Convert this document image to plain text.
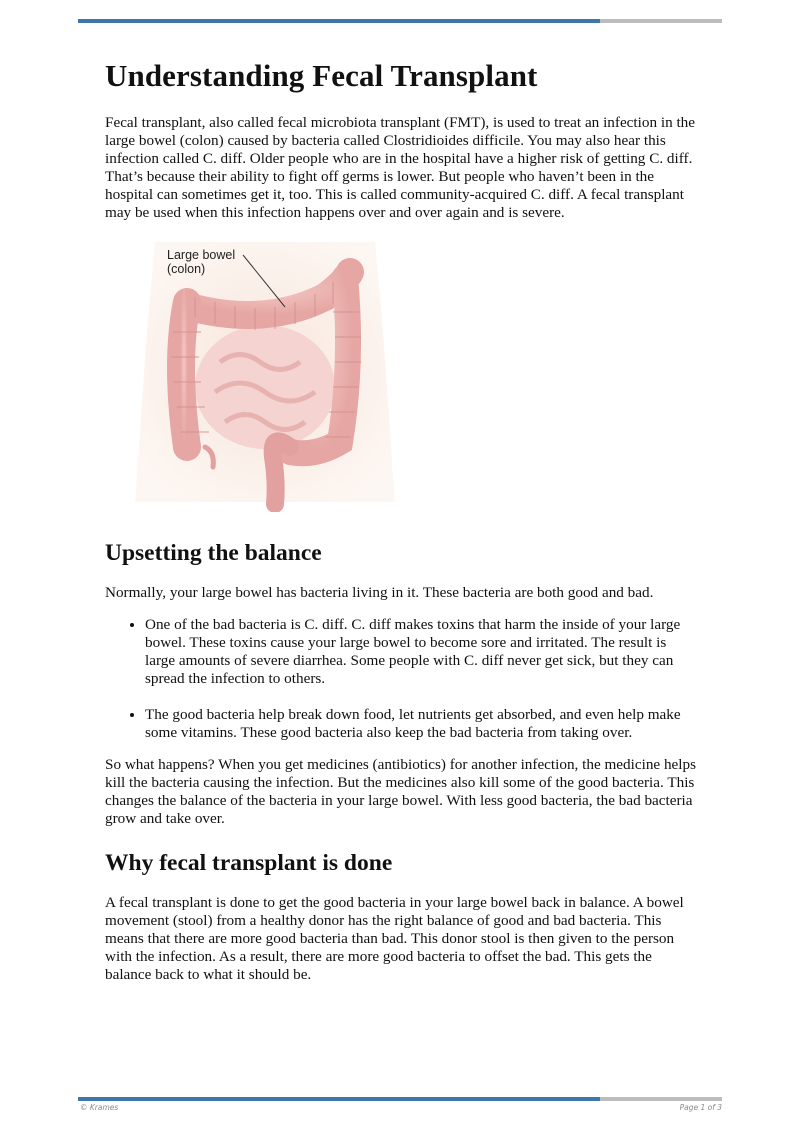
Understanding Fecal Transplant

Fecal transplant, also called fecal microbiota transplant (FMT), is used to treat an infection in the large bowel (colon) caused by bacteria called Clostridioides difficile. You may also hear this infection called C. diff. Older people who are in the hospital have a higher risk of getting C. diff. That’s because their ability to fight off germs is lower. But people who haven’t been in the hospital can sometimes get it, too. This is called community-acquired C. diff. A fecal transplant may be used when this infection happens over and over again and is severe.

Large bowel
(colon)
Upsetting the balance

Normally, your large bowel has bacteria living in it. These bacteria are both good and bad.

• One of the bad bacteria is C. diff. C. diff makes toxins that harm the inside of your large bowel. These toxins cause your large bowel to become sore and irritated. The result is large amounts of severe diarrhea. Some people with C. diff never get sick, but they can spread the infection to others.
• The good bacteria help break down food, let nutrients get absorbed, and even help make some vitamins. These good bacteria also keep the bad bacteria from taking over.

So what happens? When you get medicines (antibiotics) for another infection, the medicine helps kill the bacteria causing the infection. But the medicines also kill some of the good bacteria. This changes the balance of the bacteria in your large bowel. With less good bacteria, the bad bacteria grow and take over.

Why fecal transplant is done

A fecal transplant is done to get the good bacteria in your large bowel back in balance. A bowel movement (stool) from a healthy donor has the right balance of good and bad bacteria. This means that there are more good bacteria than bad. This donor stool is then given to the person with the infection. As a result, there are more good bacteria to offset the bad. This gets the balance back to what it should be.

© Krames	Page 1 of 3
